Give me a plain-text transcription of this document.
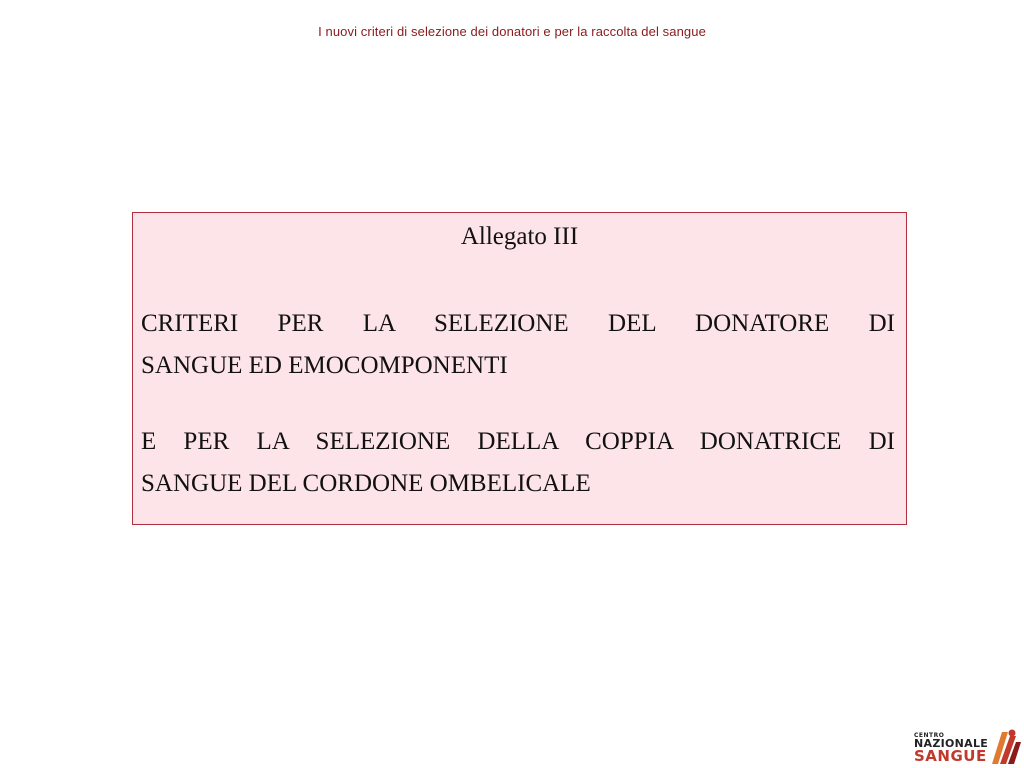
I nuovi criteri di selezione dei donatori e per la raccolta del sangue
Allegato III
CRITERI PER LA SELEZIONE DEL DONATORE DI
SANGUE ED EMOCOMPONENTI
E PER LA SELEZIONE DELLA COPPIA DONATRICE DI
SANGUE DEL CORDONE OMBELICALE
CENTRO
NAZIONALE
SANGUE
